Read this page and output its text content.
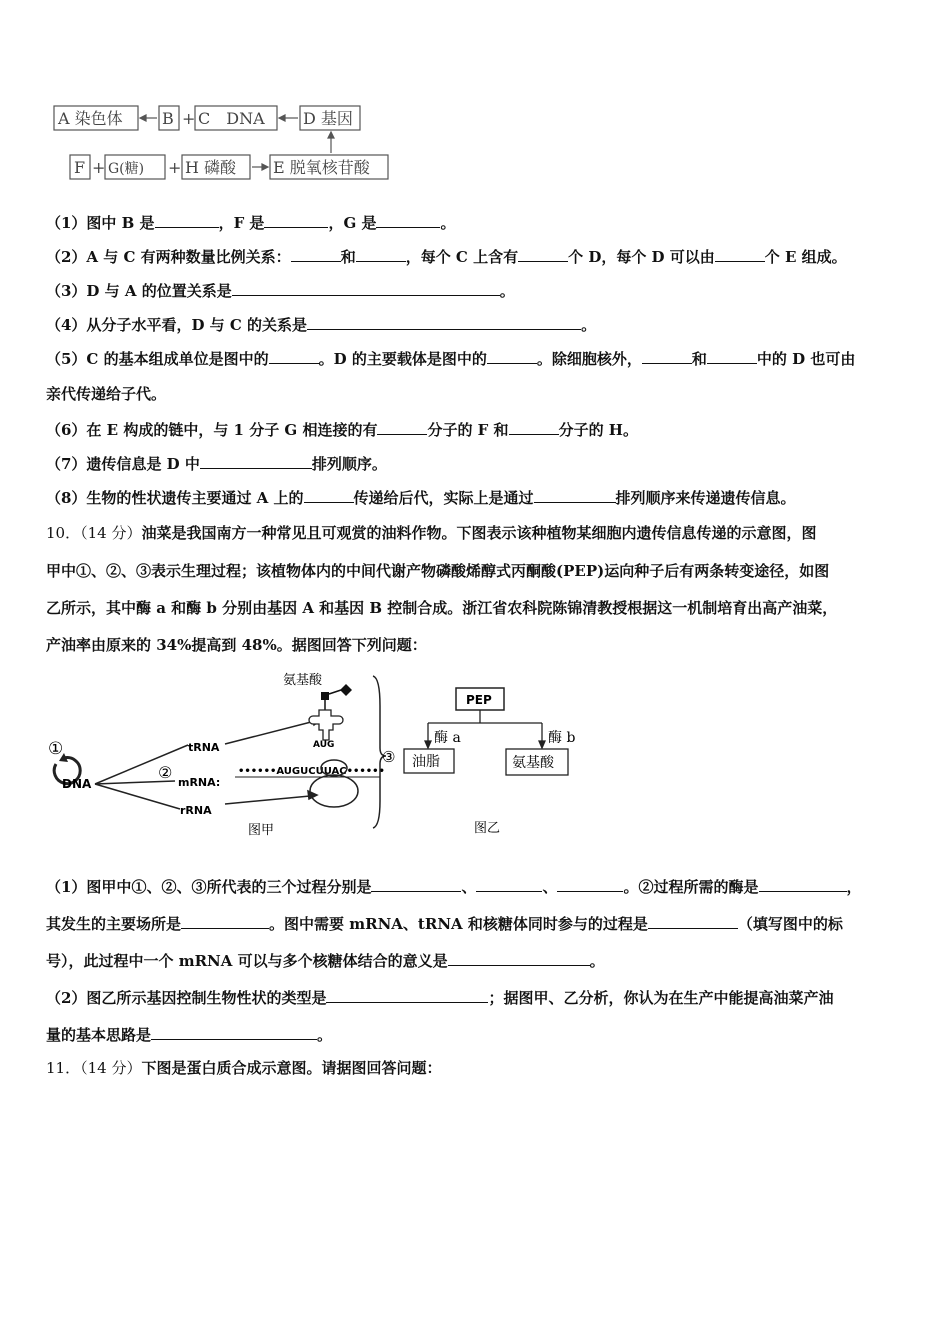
A 染色体 B + C　DNA D 基因
F + G(糖) + H 磷酸 E 脱氧核苷酸
（1）图中 B 是	，F 是	，G 是	。
（2）A 与 C 有两种数量比例关系：	和	，每个 C 上含有	个 D，每个 D 可以由	个 E 组成。
（3）D 与 A 的位置关系是	。
（4）从分子水平看，D 与 C 的关系是	。
（5）C 的基本组成单位是图中的	。D 的主要载体是图中的	。除细胞核外，	和	中的 D 也可由
亲代传递给子代。
（6）在 E 构成的链中，与 1 分子 G 相连接的有	分子的 F 和	分子的 H。
（7）遗传信息是 D 中	排列顺序。
（8）生物的性状遗传主要通过 A 上的	传递给后代，实际上是通过	排列顺序来传递遗传信息。
10．（14 分）油菜是我国南方一种常见且可观赏的油料作物。下图表示该种植物某细胞内遗传信息传递的示意图，图
甲中①、②、③表示生理过程；该植物体内的中间代谢产物磷酸烯醇式丙酮酸(PEP)运向种子后有两条转变途径，如图
乙所示，其中酶 a 和酶 b 分别由基因 A 和基因 B 控制合成。浙江省农科院陈锦清教授根据这一机制培育出高产油菜，
产油率由原来的 34%提高到 48%。据图回答下列问题：
①
DNA
tRNA
②
mRNA:
rRNA
氨基酸
AUG
••••••AUGUCUUAC••••••
③
图甲
PEP
酶 a	酶 b
油脂	氨基酸
图乙
（1）图甲中①、②、③所代表的三个过程分别是	、	、	。②过程所需的酶是	，
其发生的主要场所是	。图中需要 mRNA、tRNA 和核糖体同时参与的过程是	（填写图中的标
号），此过程中一个 mRNA 可以与多个核糖体结合的意义是	。
（2）图乙所示基因控制生物性状的类型是	；据图甲、乙分析，你认为在生产中能提高油菜产油
量的基本思路是	。
11．（14 分）下图是蛋白质合成示意图。请据图回答问题：
